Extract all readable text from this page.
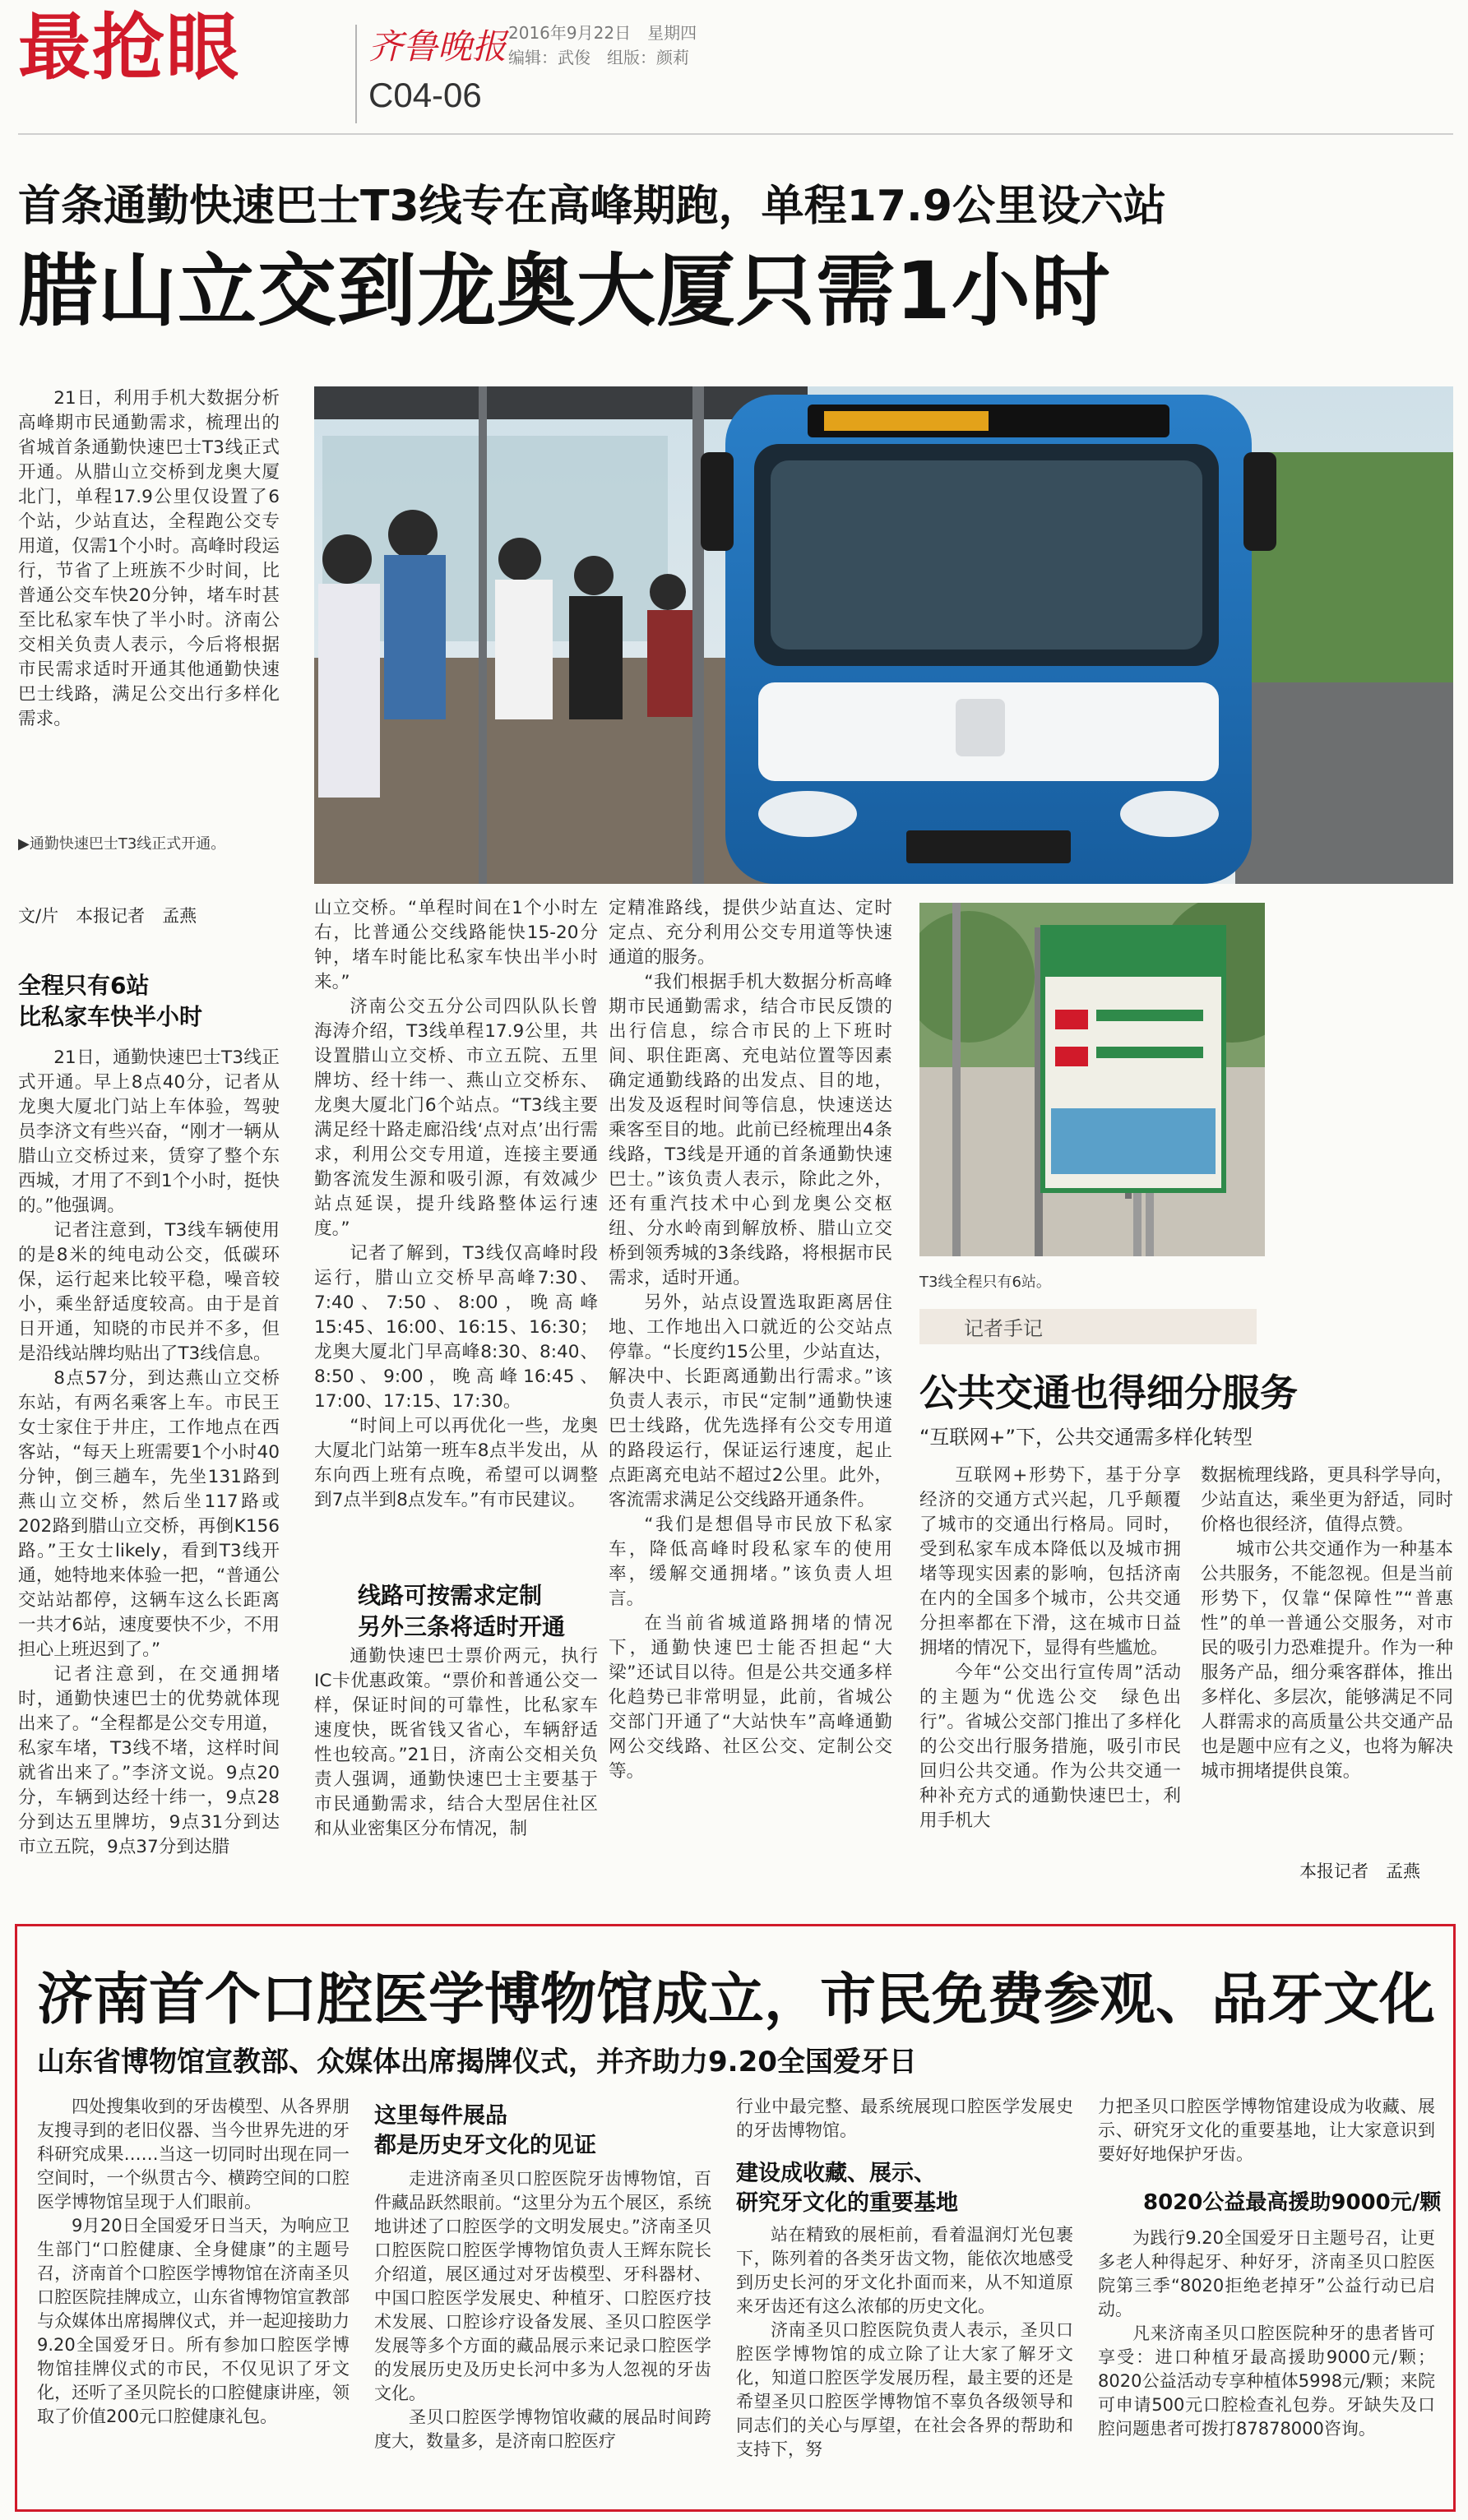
最抢眼	齐鲁晚报 2016年9月22日　 星期四
编辑：武俊　组版：颜莉
C04-06
首条通勤快速巴士T3线专在高峰期跑，单程17.9公里设六站
腊山立交到龙奥大厦只需1小时

21日，利用手机大数据分析高峰期市民通勤需求，梳理出的省城首条通勤快速巴士T3线正式开通。从腊山立交桥到龙奥大厦北门，单程17.9公里仅设置了6个站，少站直达，全程跑公交专用道，仅需1个小时。高峰时段运行，节省了上班族不少时间，比普通公交车快20分钟，堵车时甚至比私家车快了半小时。济南公交相关负责人表示，今后将根据市民需求适时开通其他通勤快速巴士线路，满足公交出行多样化需求。

▶通勤快速巴士T3线正式开通。
文/片　本报记者　孟燕
全程只有6站
比私家车快半小时

21日，通勤快速巴士T3线正式开通。早上8点40分，记者从龙奥大厦北门站上车体验，驾驶员李济文有些兴奋，“刚才一辆从腊山立交桥过来，赁穿了整个东西城，才用了不到1个小时，挺快的。”他强调。

记者注意到，T3线车辆使用的是8米的纯电动公交，低碳环保，运行起来比较平稳，噪音较小，乘坐舒适度较高。由于是首日开通，知晓的市民并不多，但是沿线站牌均贴出了T3线信息。

8点57分，到达燕山立交桥东站，有两名乘客上车。市民王女士家住于井庄，工作地点在西客站，“每天上班需要1个小时40分钟，倒三趟车，先坐131路到燕山立交桥，然后坐117路或202路到腊山立交桥，再倒K156路。”王女士likely，看到T3线开通，她特地来体验一把，“普通公交站站都停，这辆车这么长距离一共才6站，速度要快不少，不用担心上班迟到了。”

记者注意到，在交通拥堵时，通勤快速巴士的优势就体现出来了。“全程都是公交专用道，私家车堵，T3线不堵，这样时间就省出来了。”李济文说。9点20分，车辆到达经十纬一，9点28分到达五里牌坊，9点31分到达市立五院，9点37分到达腊

山立交桥。“单程时间在1个小时左右，比普通公交线路能快15-20分钟，堵车时能比私家车快出半小时来。”

济南公交五分公司四队队长曾海涛介绍，T3线单程17.9公里，共设置腊山立交桥、市立五院、五里牌坊、经十纬一、燕山立交桥东、龙奥大厦北门6个站点。“T3线主要满足经十路走廊沿线‘点对点’出行需求，利用公交专用道，连接主要通勤客流发生源和吸引源，有效减少站点延误，提升线路整体运行速度。”

记者了解到，T3线仅高峰时段运行，腊山立交桥早高峰7:30、7:40、7:50、8:00，晚高峰15:45、16:00、16:15、16:30；龙奥大厦北门早高峰8:30、8:40、8:50、9:00，晚高峰16:45、17:00、17:15、17:30。

“时间上可以再优化一些，龙奥大厦北门站第一班车8点半发出，从东向西上班有点晚，希望可以调整到7点半到8点发车。”有市民建议。

线路可按需求定制
另外三条将适时开通

通勤快速巴士票价两元，执行IC卡优惠政策。“票价和普通公交一样，保证时间的可靠性，比私家车速度快，既省钱又省心，车辆舒适性也较高。”21日，济南公交相关负责人强调，通勤快速巴士主要基于市民通勤需求，结合大型居住社区和从业密集区分布情况，制

定精准路线，提供少站直达、定时定点、充分利用公交专用道等快速通道的服务。

“我们根据手机大数据分析高峰期市民通勤需求，结合市民反馈的出行信息，综合市民的上下班时间、职住距离、充电站位置等因素确定通勤线路的出发点、目的地，出发及返程时间等信息，快速送达乘客至目的地。此前已经梳理出4条线路，T3线是开通的首条通勤快速巴士。”该负责人表示，除此之外，还有重汽技术中心到龙奥公交枢纽、分水岭南到解放桥、腊山立交桥到领秀城的3条线路，将根据市民需求，适时开通。

另外，站点设置选取距离居住地、工作地出入口就近的公交站点停靠。“长度约15公里，少站直达，解决中、长距离通勤出行需求。”该负责人表示，市民“定制”通勤快速巴士线路，优先选择有公交专用道的路段运行，保证运行速度，起止点距离充电站不超过2公里。此外，客流需求满足公交线路开通条件。

“我们是想倡导市民放下私家车，降低高峰时段私家车的使用率，缓解交通拥堵。”该负责人坦言。

在当前省城道路拥堵的情况下，通勤快速巴士能否担起“大梁”还试目以待。但是公共交通多样化趋势已非常明显，此前，省城公交部门开通了“大站快车”高峰通勤网公交线路、社区公交、定制公交等。

T3线全程只有6站。
记者手记
公共交通也得细分服务
“互联网+”下，公共交通需多样化转型

互联网+形势下，基于分享经济的交通方式兴起，几乎颠覆了城市的交通出行格局。同时，受到私家车成本降低以及城市拥堵等现实因素的影响，包括济南在内的全国多个城市，公共交通分担率都在下滑，这在城市日益拥堵的情况下，显得有些尴尬。

今年“公交出行宣传周”活动的主题为“优选公交　绿色出行”。省城公交部门推出了多样化的公交出行服务措施，吸引市民回归公共交通。作为公共交通一种补充方式的通勤快速巴士，利用手机大

数据梳理线路，更具科学导向，少站直达，乘坐更为舒适，同时价格也很经济，值得点赞。

城市公共交通作为一种基本公共服务，不能忽视。但是当前形势下，仅靠“保障性”“普惠性”的单一普通公交服务，对市民的吸引力恐难提升。作为一种服务产品，细分乘客群体，推出多样化、多层次，能够满足不同人群需求的高质量公共交通产品也是题中应有之义，也将为解决城市拥堵提供良策。

本报记者　孟燕
济南首个口腔医学博物馆成立，市民免费参观、品牙文化
山东省博物馆宣教部、众媒体出席揭牌仪式，并齐助力9.20全国爱牙日

四处搜集收到的牙齿模型、从各界朋友搜寻到的老旧仪器、当今世界先进的牙科研究成果……当这一切同时出现在同一空间时，一个纵贯古今、横跨空间的口腔医学博物馆呈现于人们眼前。

9月20日全国爱牙日当天，为响应卫生部门“口腔健康、全身健康”的主题号召，济南首个口腔医学博物馆在济南圣贝口腔医院挂牌成立，山东省博物馆宣教部与众媒体出席揭牌仪式，并一起迎接助力9.20全国爱牙日。所有参加口腔医学博物馆挂牌仪式的市民，不仅见识了牙文化，还听了圣贝院长的口腔健康讲座，领取了价值200元口腔健康礼包。

这里每件展品
都是历史牙文化的见证

走进济南圣贝口腔医院牙齿博物馆，百件藏品跃然眼前。“这里分为五个展区，系统地讲述了口腔医学的文明发展史。”济南圣贝口腔医院口腔医学博物馆负责人王辉东院长介绍道，展区通过对牙齿模型、牙科器材、中国口腔医学发展史、种植牙、口腔医疗技术发展、口腔诊疗设备发展、圣贝口腔医学发展等多个方面的藏品展示来记录口腔医学的发展历史及历史长河中多为人忽视的牙齿文化。

圣贝口腔医学博物馆收藏的展品时间跨度大，数量多，是济南口腔医疗

行业中最完整、最系统展现口腔医学发展史的牙齿博物馆。

建设成收藏、展示、
研究牙文化的重要基地

站在精致的展柜前，看着温润灯光包裹下，陈列着的各类牙齿文物，能依次地感受到历史长河的牙文化扑面而来，从不知道原来牙齿还有这么浓郁的历史文化。

济南圣贝口腔医院负责人表示，圣贝口腔医学博物馆的成立除了让大家了解牙文化，知道口腔医学发展历程，最主要的还是希望圣贝口腔医学博物馆不辜负各级领导和同志们的关心与厚望，在社会各界的帮助和支持下，努

力把圣贝口腔医学博物馆建设成为收藏、展示、研究牙文化的重要基地，让大家意识到要好好地保护牙齿。

8020公益最高援助9000元/颗

为践行9.20全国爱牙日主题号召，让更多老人种得起牙、种好牙，济南圣贝口腔医院第三季“8020拒绝老掉牙”公益行动已启动。

凡来济南圣贝口腔医院种牙的患者皆可享受：进口种植牙最高援助9000元/颗；8020公益活动专享种植体5998元/颗；来院可申请500元口腔检查礼包券。牙缺失及口腔问题患者可拨打87878000咨询。
